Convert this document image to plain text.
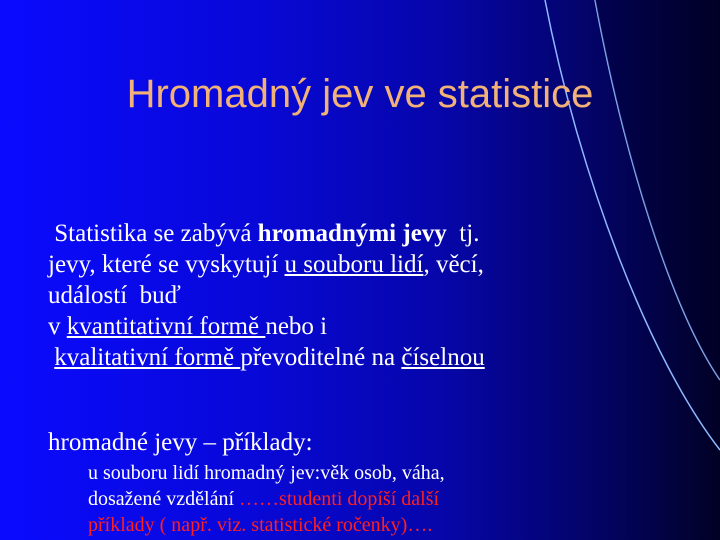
Hromadný jev ve statistice
Statistika se zabývá hromadnými jevy  tj.
jevy, které se vyskytují u souboru lidí, věcí,
událostí  buď
v kvantitativní formě nebo i
kvalitativní formě převoditelné na číselnou
hromadné jevy – příklady:
u souboru lidí hromadný jev:věk osob, váha,
dosažené vzdělání ……studenti dopíší další
příklady ( např. viz. statistické ročenky)….
